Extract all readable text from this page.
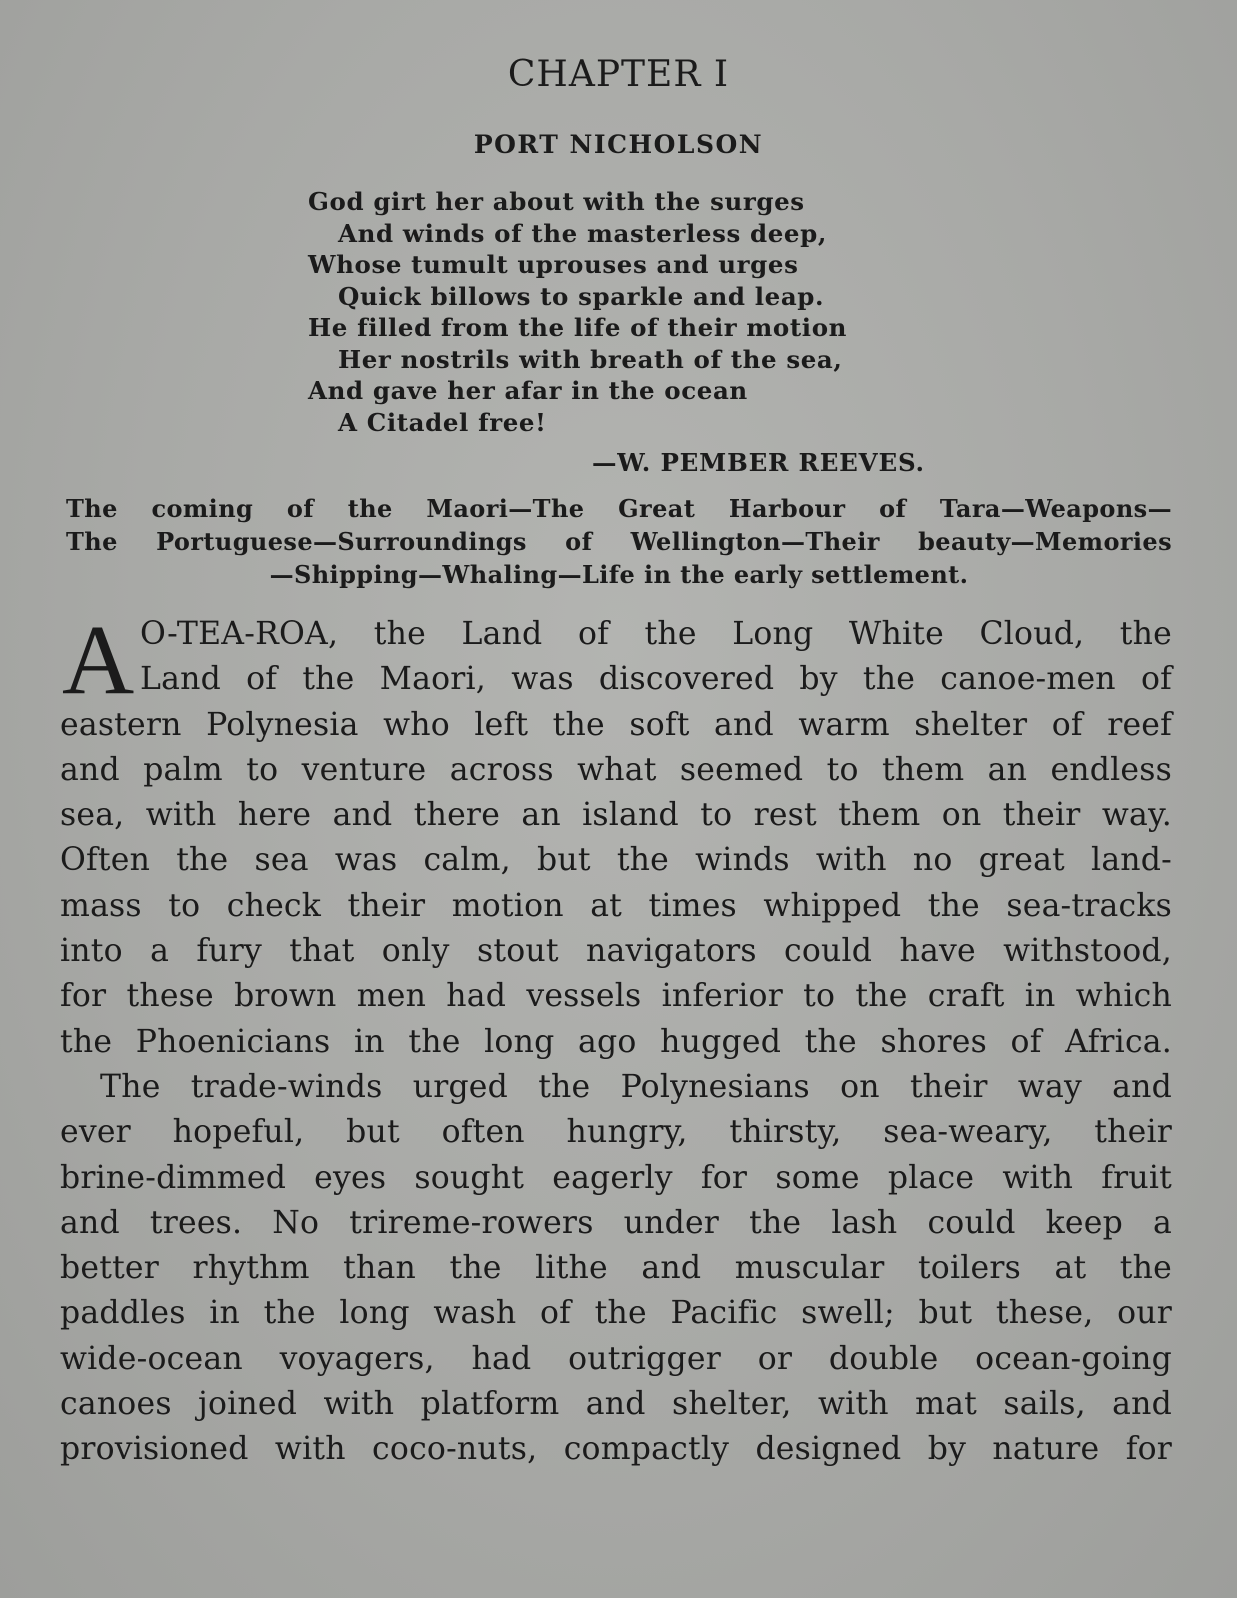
CHAPTER I
PORT NICHOLSON
God girt her about with the surges
And winds of the masterless deep,
Whose tumult uprouses and urges
Quick billows to sparkle and leap.
He filled from the life of their motion
Her nostrils with breath of the sea,
And gave her afar in the ocean
A Citadel free!
—W. PEMBER REEVES.
The coming of the Maori—The Great Harbour of Tara—Weapons—
The Portuguese—Surroundings of Wellington—Their beauty—Memories
—Shipping—Whaling—Life in the early settlement.
A O-TEA-ROA, the Land of the Long White Cloud, the
Land of the Maori, was discovered by the canoe-men of
eastern Polynesia who left the soft and warm shelter of reef
and palm to venture across what seemed to them an endless
sea, with here and there an island to rest them on their way.
Often the sea was calm, but the winds with no great land-
mass to check their motion at times whipped the sea-tracks
into a fury that only stout navigators could have withstood,
for these brown men had vessels inferior to the craft in which
the Phoenicians in the long ago hugged the shores of Africa.
The trade-winds urged the Polynesians on their way and
ever hopeful, but often hungry, thirsty, sea-weary, their
brine-dimmed eyes sought eagerly for some place with fruit
and trees. No trireme-rowers under the lash could keep a
better rhythm than the lithe and muscular toilers at the
paddles in the long wash of the Pacific swell; but these, our
wide-ocean voyagers, had outrigger or double ocean-going
canoes joined with platform and shelter, with mat sails, and
provisioned with coco-nuts, compactly designed by nature for
